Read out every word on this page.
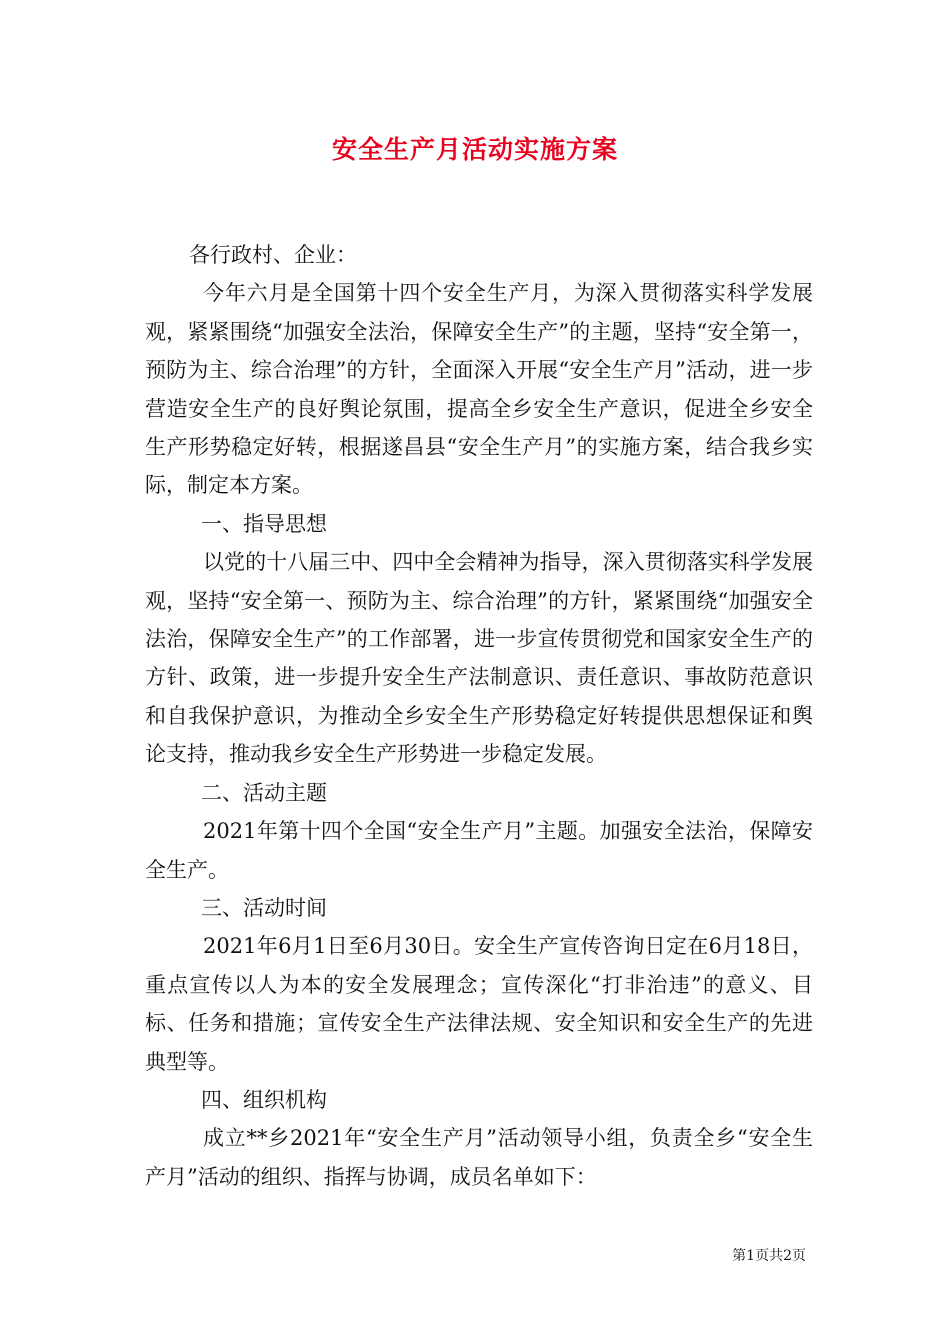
安全生产月活动实施方案

各行政村、企业：

今年六月是全国第十四个安全生产月，为深入贯彻落实科学发展观，紧紧围绕“加强安全法治，保障安全生产”的主题，坚持“安全第一，预防为主、综合治理”的方针，全面深入开展“安全生产月”活动，进一步营造安全生产的良好舆论氛围，提高全乡安全生产意识，促进全乡安全生产形势稳定好转，根据遂昌县“安全生产月”的实施方案，结合我乡实际，制定本方案。

一、指导思想

以党的十八届三中、四中全会精神为指导，深入贯彻落实科学发展观，坚持“安全第一、预防为主、综合治理”的方针，紧紧围绕“加强安全法治，保障安全生产”的工作部署，进一步宣传贯彻党和国家安全生产的方针、政策，进一步提升安全生产法制意识、责任意识、事故防范意识和自我保护意识，为推动全乡安全生产形势稳定好转提供思想保证和舆论支持，推动我乡安全生产形势进一步稳定发展。

二、活动主题

2021年第十四个全国“安全生产月”主题。加强安全法治，保障安全生产。

三、活动时间

2021年6月1日至6月30日。安全生产宣传咨询日定在6月18日，重点宣传以人为本的安全发展理念；宣传深化“打非治违”的意义、目标、任务和措施；宣传安全生产法律法规、安全知识和安全生产的先进典型等。

四、组织机构

成立**乡2021年“安全生产月”活动领导小组，负责全乡“安全生产月”活动的组织、指挥与协调，成员名单如下：

第1页共2页
